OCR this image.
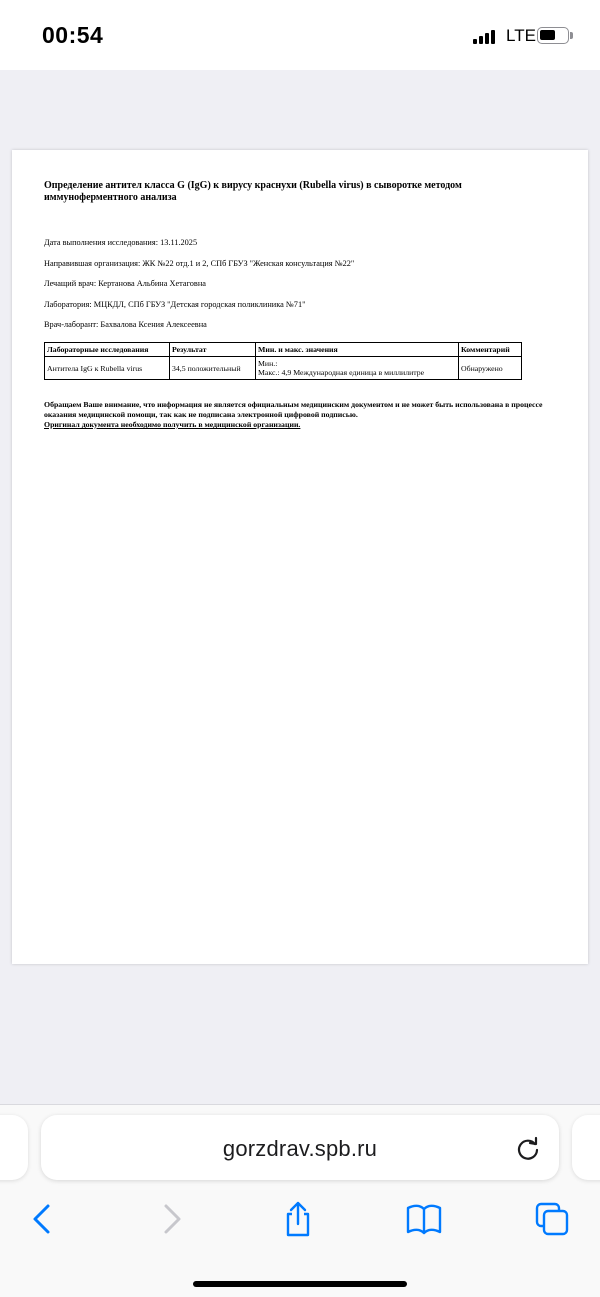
00:54	LTE
Определение антител класса G (IgG) к вирусу краснухи (Rubella virus) в сыворотке методом иммуноферментного анализа
Дата выполнения исследования: 13.11.2025
Направившая организация: ЖК №22 отд.1 и 2, СПб ГБУЗ "Женская консультация №22"
Лечащий врач: Кертанова Альбина Хетаговна
Лаборатория: МЦКДЛ, СПб ГБУЗ "Детская городская поликлиника №71"
Врач-лаборант: Бахвалова Ксения Алексеевна
Лабораторные исследования	Результат	Мин. и макс. значения	Комментарий
Антитела IgG к Rubella virus	34,5 положительный	Мин.:
Макс.: 4,9 Международная единица в миллилитре	Обнаружено
Обращаем Ваше внимание, что информация не является официальным медицинским документом и не может быть использована в процессе оказания медицинской помощи, так как не подписана электронной цифровой подписью.
Оригинал документа необходимо получить в медицинской организации.
gorzdrav.spb.ru
